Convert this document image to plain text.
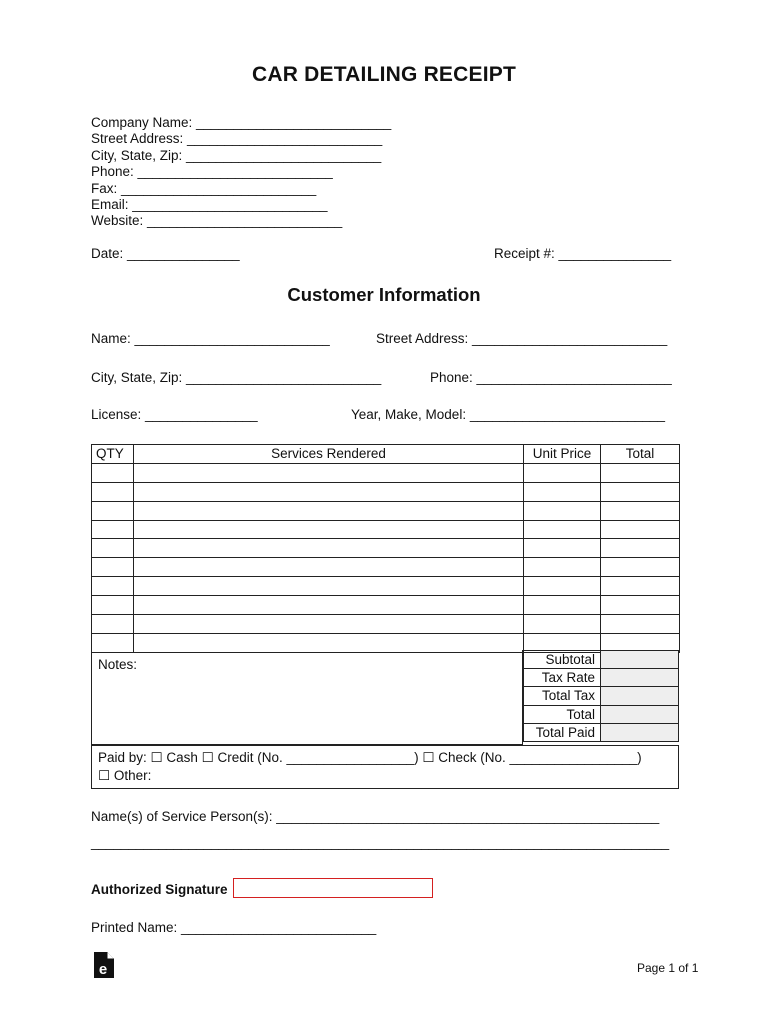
CAR DETAILING RECEIPT
Company Name: __________________________
Street Address: __________________________
City, State, Zip: __________________________
Phone: __________________________
Fax: __________________________
Email: __________________________
Website: __________________________
Date: _______________	Receipt #: _______________
Customer Information
Name: __________________________	Street Address: __________________________
City, State, Zip: __________________________	Phone: __________________________
License: _______________	Year, Make, Model: __________________________
QTY	Services Rendered	Unit Price	Total

Notes:	Subtotal	
Tax Rate	
Total Tax	
Total	
Total Paid	
Paid by: ☐ Cash ☐ Credit (No. _________________) ☐ Check (No. _________________)
☐ Other:
Name(s) of Service Person(s): ___________________________________________________
_____________________________________________________________________________
Authorized Signature
Printed Name: __________________________
e	Page 1 of 1
